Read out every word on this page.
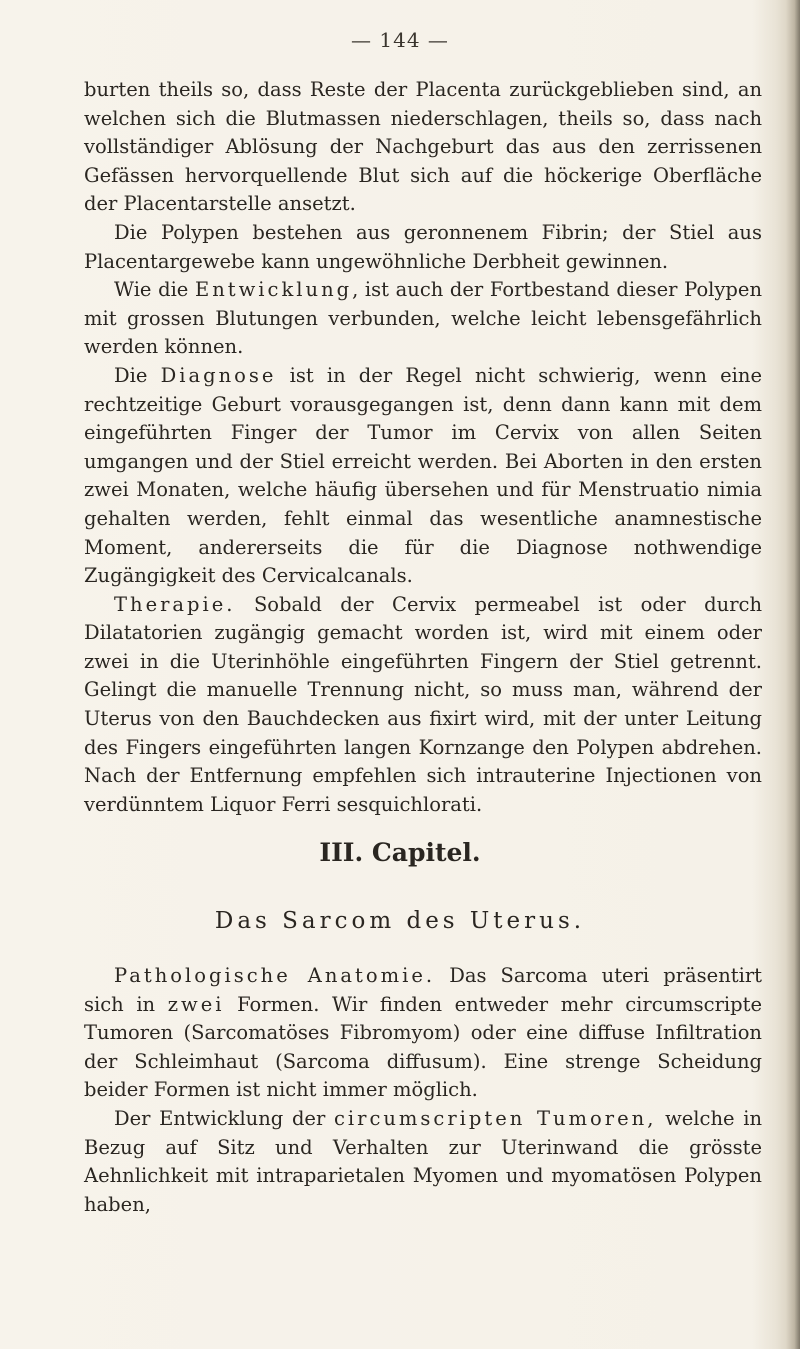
— 144 —

burten theils so, dass Reste der Placenta zurückgeblieben sind, an welchen sich die Blutmassen niederschlagen, theils so, dass nach vollständiger Ablösung der Nachgeburt das aus den zerrissenen Gefässen hervorquellende Blut sich auf die höckerige Oberfläche der Placentarstelle ansetzt.

Die Polypen bestehen aus geronnenem Fibrin; der Stiel aus Placentargewebe kann ungewöhnliche Derbheit gewinnen.

Wie die Entwicklung, ist auch der Fortbestand dieser Polypen mit grossen Blutungen verbunden, welche leicht lebensgefährlich werden können.

Die Diagnose ist in der Regel nicht schwierig, wenn eine rechtzeitige Geburt vorausgegangen ist, denn dann kann mit dem eingeführten Finger der Tumor im Cervix von allen Seiten umgangen und der Stiel erreicht werden. Bei Aborten in den ersten zwei Monaten, welche häufig übersehen und für Menstruatio nimia gehalten werden, fehlt einmal das wesentliche anamnestische Moment, andererseits die für die Diagnose nothwendige Zugängigkeit des Cervicalcanals.

Therapie. Sobald der Cervix permeabel ist oder durch Dilatatorien zugängig gemacht worden ist, wird mit einem oder zwei in die Uterinhöhle eingeführten Fingern der Stiel getrennt. Gelingt die manuelle Trennung nicht, so muss man, während der Uterus von den Bauchdecken aus fixirt wird, mit der unter Leitung des Fingers eingeführten langen Kornzange den Polypen abdrehen. Nach der Entfernung empfehlen sich intrauterine Injectionen von verdünntem Liquor Ferri sesquichlorati.

III. Capitel.
Das Sarcom des Uterus.

Pathologische Anatomie. Das Sarcoma uteri präsentirt sich in zwei Formen. Wir finden entweder mehr circumscripte Tumoren (Sarcomatöses Fibromyom) oder eine diffuse Infiltration der Schleimhaut (Sarcoma diffusum). Eine strenge Scheidung beider Formen ist nicht immer möglich.

Der Entwicklung der circumscripten Tumoren, welche in Bezug auf Sitz und Verhalten zur Uterinwand die grösste Aehnlichkeit mit intraparietalen Myomen und myomatösen Polypen haben,
